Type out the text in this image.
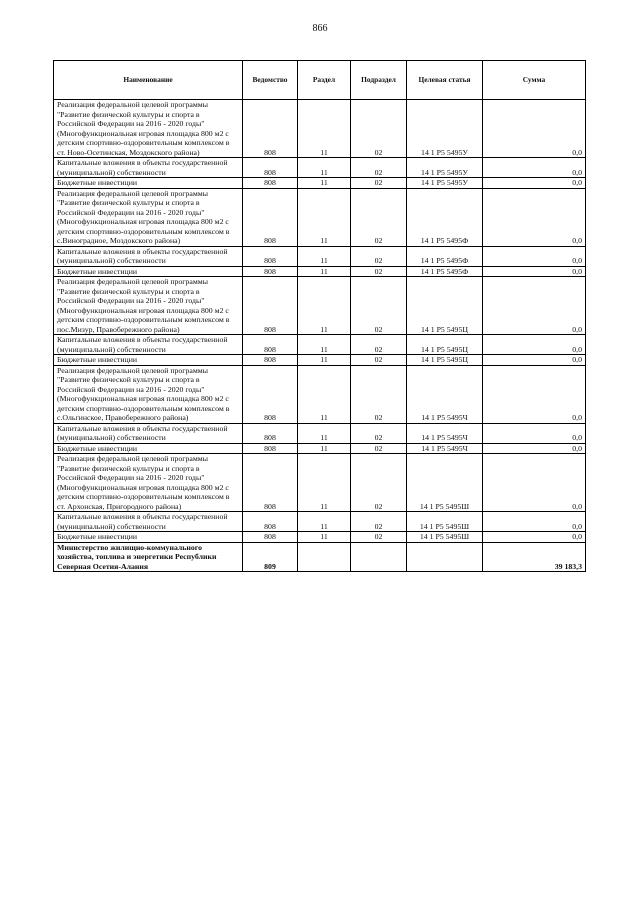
866
Наименование	Ведомство	Раздел	Подраздел	Целевая статья	Сумма
Реализация федеральной целевой программы "Развитие физической культуры и спорта в Российской Федерации на 2016 - 2020 годы"(Многофункциональная игровая площадка 800 м2 с детским спортивно-оздоровительным комплексом в ст. Ново-Осетинская, Моздокского района)	808	11	02	14 1 P5 5495У	0,0
Капитальные вложения в объекты государственной (муниципальной) собственности	808	11	02	14 1 P5 5495У	0,0
Бюджетные инвестиции	808	11	02	14 1 P5 5495У	0,0
Реализация федеральной целевой программы "Развитие физической культуры и спорта в Российской Федерации на 2016 - 2020 годы"(Многофункциональная игровая площадка 800 м2 с детским спортивно-оздоровительным комплексом в с.Виноградное, Моздокского района)	808	11	02	14 1 P5 5495Ф	0,0
Капитальные вложения в объекты государственной (муниципальной) собственности	808	11	02	14 1 P5 5495Ф	0,0
Бюджетные инвестиции	808	11	02	14 1 P5 5495Ф	0,0
Реализация федеральной целевой программы "Развитие физической культуры и спорта в Российской Федерации на 2016 - 2020 годы"(Многофункциональная игровая площадка 800 м2 с детским спортивно-оздоровительным комплексом в пос.Мизур, Правобережного района)	808	11	02	14 1 P5 5495Ц	0,0
Капитальные вложения в объекты государственной (муниципальной) собственности	808	11	02	14 1 P5 5495Ц	0,0
Бюджетные инвестиции	808	11	02	14 1 P5 5495Ц	0,0
Реализация федеральной целевой программы "Развитие физической культуры и спорта в Российской Федерации на 2016 - 2020 годы"(Многофункциональная игровая площадка 800 м2 с детским спортивно-оздоровительным комплексом в с.Ольгинское, Правобережного района)	808	11	02	14 1 P5 5495Ч	0,0
Капитальные вложения в объекты государственной (муниципальной) собственности	808	11	02	14 1 P5 5495Ч	0,0
Бюджетные инвестиции	808	11	02	14 1 P5 5495Ч	0,0
Реализация федеральной целевой программы "Развитие физической культуры и спорта в Российской Федерации на 2016 - 2020 годы"(Многофункциональная игровая площадка 800 м2 с детским спортивно-оздоровительным комплексом в ст. Архонская, Пригородного района)	808	11	02	14 1 P5 5495Ш	0,0
Капитальные вложения в объекты государственной (муниципальной) собственности	808	11	02	14 1 P5 5495Ш	0,0
Бюджетные инвестиции	808	11	02	14 1 P5 5495Ш	0,0
Министерство жилищно-коммунального хозяйства, топлива и энергетики Республики Северная Осетия-Алания	809				39 183,3
